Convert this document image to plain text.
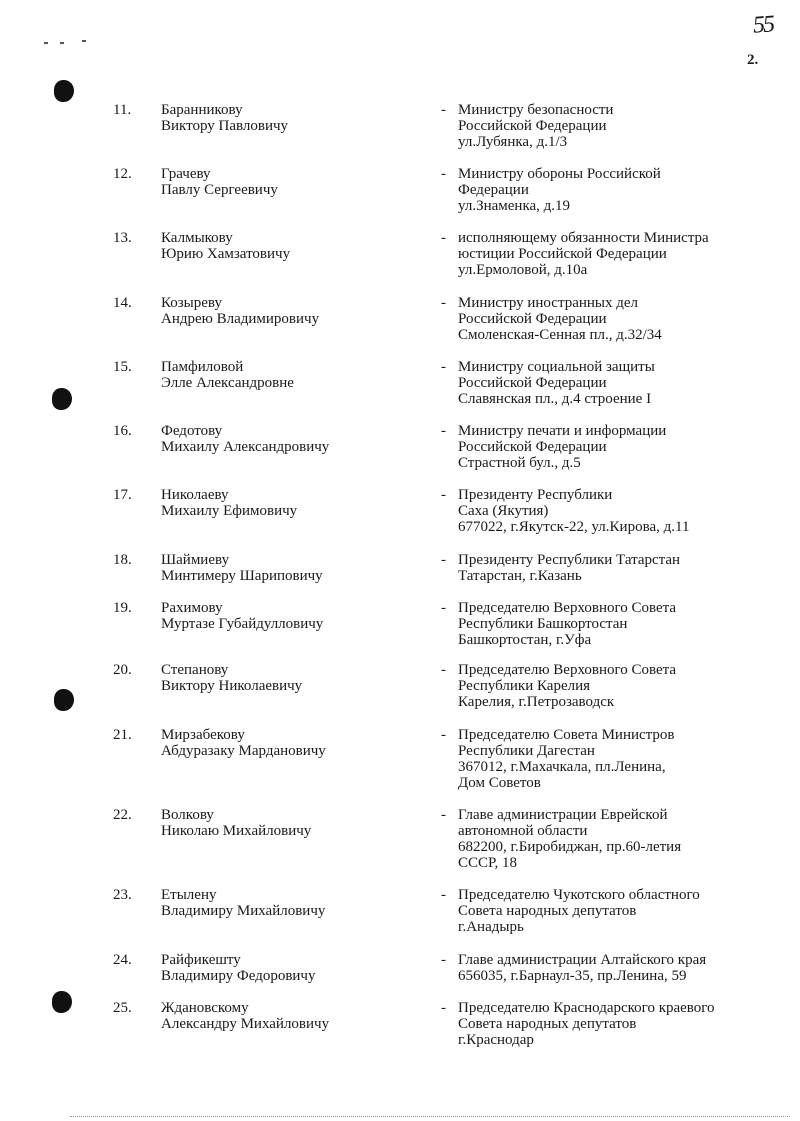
55
2.
11.	Баранникову
Виктору Павловичу
- Министру безопасности
Российской Федерации
ул.Лубянка, д.1/3
12.	Грачеву
Павлу Сергеевичу
- Министру обороны Российской
Федерации
ул.Знаменка, д.19
13.	Калмыкову
Юрию Хамзатовичу
- исполняющему обязанности Министра
юстиции Российской Федерации
ул.Ермоловой, д.10а
14.	Козыреву
Андрею Владимировичу
- Министру иностранных дел
Российской Федерации
Смоленская-Сенная пл., д.32/34
15.	Памфиловой
Элле Александровне
- Министру социальной защиты
Российской Федерации
Славянская пл., д.4 строение I
16.	Федотову
Михаилу Александровичу
- Министру печати и информации
Российской Федерации
Страстной бул., д.5
17.	Николаеву
Михаилу Ефимовичу
- Президенту Республики
Саха (Якутия)
677022, г.Якутск-22, ул.Кирова, д.11
18.	Шаймиеву
Минтимеру Шариповичу
- Президенту Республики Татарстан
Татарстан, г.Казань
19.	Рахимову
Муртазе Губайдулловичу
- Председателю Верховного Совета
Республики Башкортостан
Башкортостан, г.Уфа
20.	Степанову
Виктору Николаевичу
- Председателю Верховного Совета
Республики Карелия
Карелия, г.Петрозаводск
21.	Мирзабекову
Абдуразаку Мардановичу
- Председателю Совета Министров
Республики Дагестан
367012, г.Махачкала, пл.Ленина,
Дом Советов
22.	Волкову
Николаю Михайловичу
- Главе администрации Еврейской
автономной области
682200, г.Биробиджан, пр.60-летия
СССР, 18
23.	Етылену
Владимиру Михайловичу
- Председателю Чукотского областного
Совета народных депутатов
г.Анадырь
24.	Райфикешту
Владимиру Федоровичу
- Главе администрации Алтайского края
656035, г.Барнаул-35, пр.Ленина, 59
25.	Ждановскому
Александру Михайловичу
- Председателю Краснодарского краевого
Совета народных депутатов
г.Краснодар
